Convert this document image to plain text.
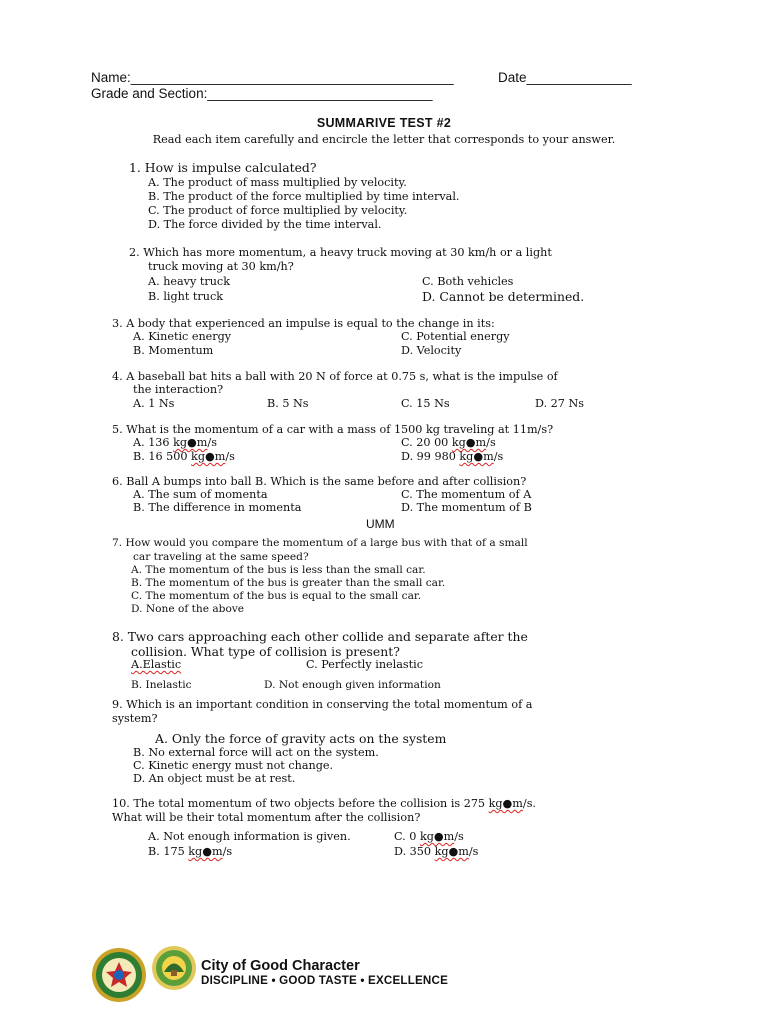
Name:___________________________________________	Date______________
Grade and Section:______________________________
SUMMARIVE TEST #2
Read each item carefully and encircle the letter that corresponds to your answer.
1. How is impulse calculated?
A. The product of mass multiplied by velocity.
B. The product of the force multiplied by time interval.
C. The product of force multiplied by velocity.
D. The force divided by the time interval.
2. Which has more momentum, a heavy truck moving at 30 km/h or a light
truck moving at 30 km/h?
A. heavy truck
B. light truck
C. Both vehicles
D. Cannot be determined.
3. A body that experienced an impulse is equal to the change in its:
A. Kinetic energy
B. Momentum
C. Potential energy
D. Velocity
4. A baseball bat hits a ball with 20 N of force at 0.75 s, what is the impulse of
the interaction?
A. 1 Ns	B. 5 Ns	C. 15 Ns	D. 27 Ns
5. What is the momentum of a car with a mass of 1500 kg traveling at 11m/s?
A. 136 kg●m/s
B. 16 500 kg●m/s
C. 20 00 kg●m/s
D. 99 980 kg●m/s
6. Ball A bumps into ball B. Which is the same before and after collision?
A. The sum of momenta
B. The difference in momenta
C. The momentum of A
D. The momentum of B
UMM
7. How would you compare the momentum of a large bus with that of a small
car traveling at the same speed?
A. The momentum of the bus is less than the small car.
B. The momentum of the bus is greater than the small car.
C. The momentum of the bus is equal to the small car.
D. None of the above
8. Two cars approaching each other collide and separate after the
collision. What type of collision is present?
A.Elastic	C. Perfectly inelastic
B. Inelastic	D. Not enough given information
9. Which is an important condition in conserving the total momentum of a
system?
A. Only the force of gravity acts on the system
B. No external force will act on the system.
C. Kinetic energy must not change.
D. An object must be at rest.
10. The total momentum of two objects before the collision is 275 kg●m/s.
What will be their total momentum after the collision?
A. Not enough information is given.	C. 0 kg●m/s
B. 175 kg●m/s	D. 350 kg●m/s
City of Good Character
DISCIPLINE • GOOD TASTE • EXCELLENCE
